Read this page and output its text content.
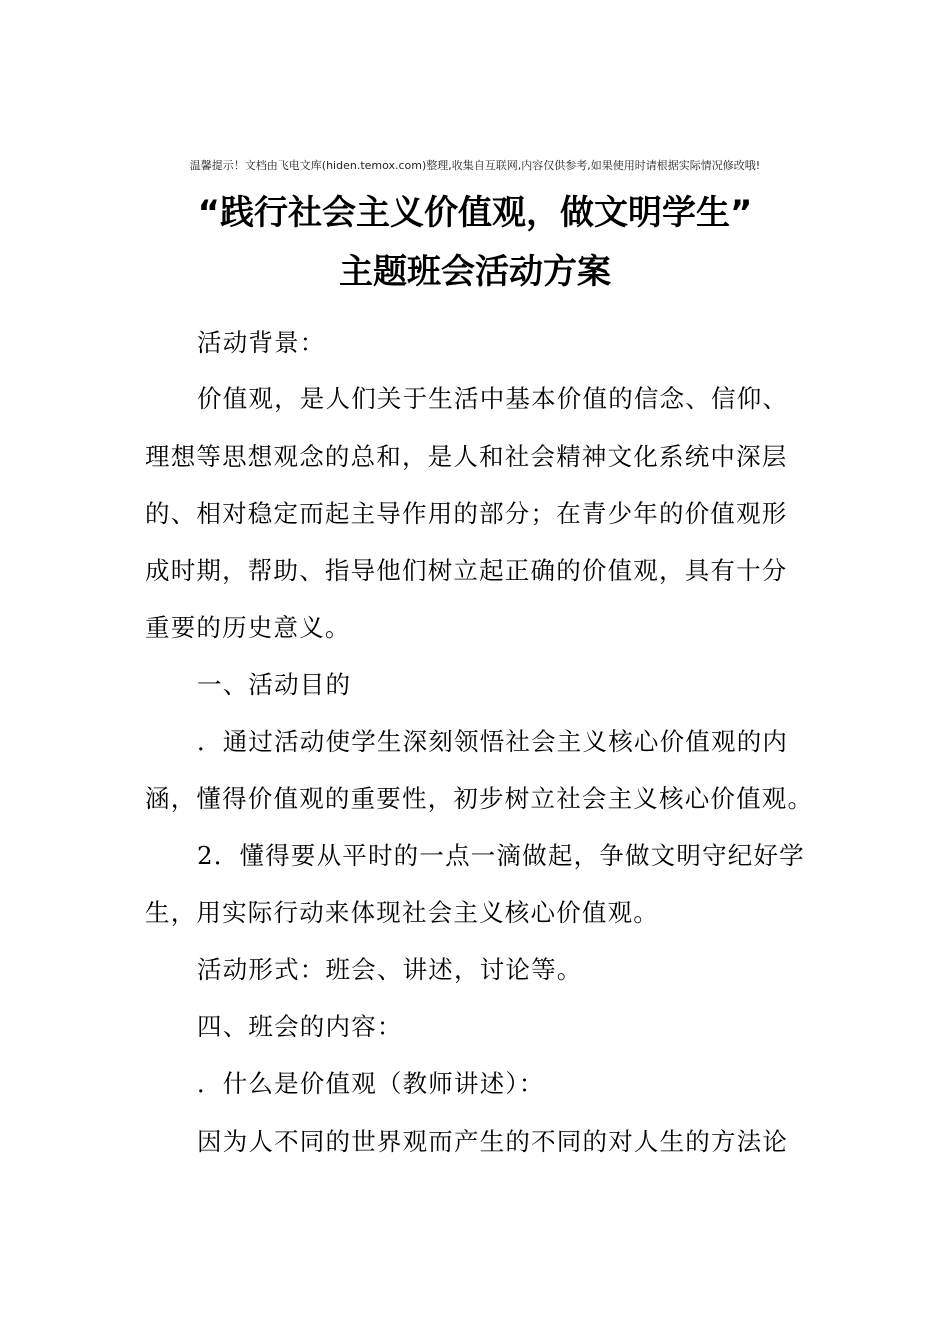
温馨提示！文档由飞电文库(hiden.temox.com)整理,收集自互联网,内容仅供参考,如果使用时请根据实际情况修改哦!
“践行社会主义价值观，做文明学生”
主题班会活动方案
活动背景：
价值观，是人们关于生活中基本价值的信念、信仰、
理想等思想观念的总和，是人和社会精神文化系统中深层
的、相对稳定而起主导作用的部分；在青少年的价值观形
成时期，帮助、指导他们树立起正确的价值观，具有十分
重要的历史意义。
一、活动目的
．通过活动使学生深刻领悟社会主义核心价值观的内
涵，懂得价值观的重要性，初步树立社会主义核心价值观。
2．懂得要从平时的一点一滴做起，争做文明守纪好学
生，用实际行动来体现社会主义核心价值观。
活动形式：班会、讲述，讨论等。
四、班会的内容：
．什么是价值观（教师讲述）：
因为人不同的世界观而产生的不同的对人生的方法论
